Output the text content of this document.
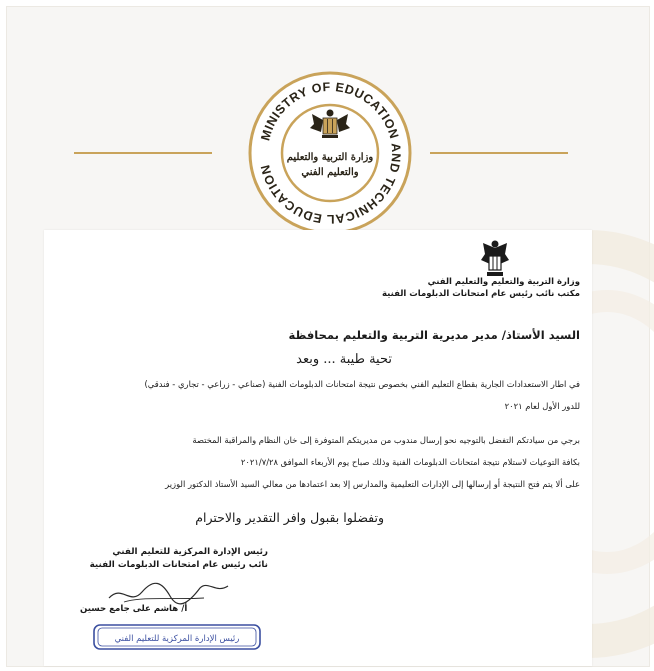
MINISTRY OF EDUCATION AND TECHNICAL EDUCATION
وزارة التربية والتعليم
والتعليم الفني
وزارة التربية والتعليم والتعليم الفني
مكتب نائب رئيس عام امتحانات الدبلومات الفنية
السيد الأستاذ/ مدير مديرية التربية والتعليم بمحافظة
تحية طيبة ... وبعد
في اطار الاستعدادات الجارية بقطاع التعليم الفني بخصوص نتيجة امتحانات الدبلومات الفنية (صناعي - زراعي - تجاري - فندقي)
للدور الأول لعام ٢٠٢١
برجي من سيادتكم التفضل بالتوجيه نحو إرسال مندوب من مديريتكم المتوفرة إلى خان النظام والمراقبة المختصة
بكافة التوعيات لاستلام نتيجة امتحانات الدبلومات الفنية وذلك صباح يوم الأربعاء الموافق ٢٠٢١/٧/٢٨
على ألا يتم فتح النتيجة أو إرسالها إلى الإدارات التعليمية والمدارس إلا بعد اعتمادها من معالي السيد الأستاذ الدكتور الوزير
وتفضلوا بقبول وافر التقدير والاحترام
رئيس الإدارة المركزية للتعليم الفني
نائب رئيس عام امتحانات الدبلومات الفنية
أ/ هاشم على جامع حسين
رئيس الإدارة المركزية للتعليم الفني
